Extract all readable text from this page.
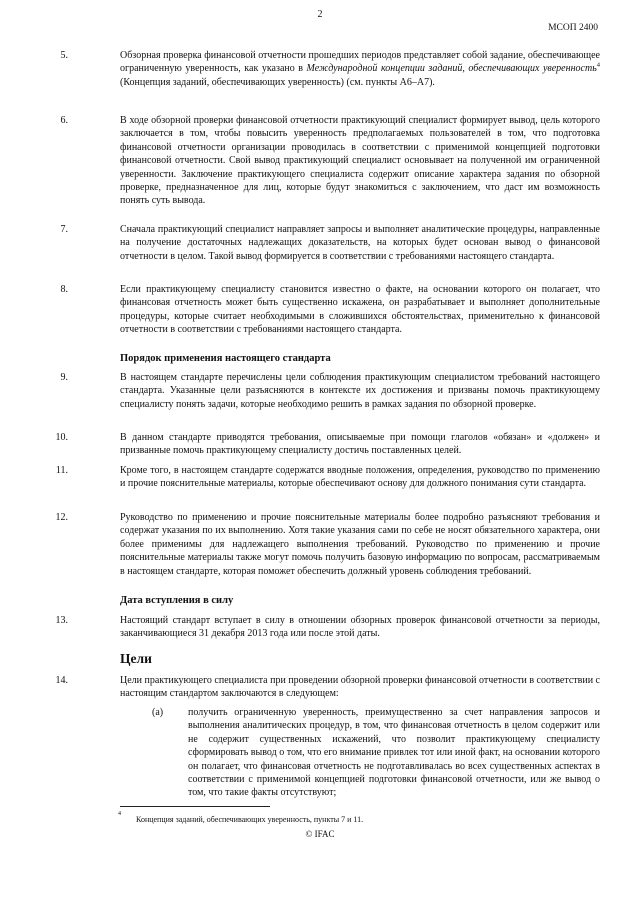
2
МСОП 2400
5.	Обзорная проверка финансовой отчетности прошедших периодов представляет собой задание, обеспечивающее ограниченную уверенность, как указано в Международной концепции заданий, обеспечивающих уверенность$^4$ (Концепция заданий, обеспечивающих уверенность) (см. пункты А6–А7).
6.	В ходе обзорной проверки финансовой отчетности практикующий специалист формирует вывод, цель которого заключается в том, чтобы повысить уверенность предполагаемых пользователей в том, что подготовка финансовой отчетности организации проводилась в соответствии с применимой концепцией подготовки финансовой отчетности. Свой вывод практикующий специалист основывает на полученной им ограниченной уверенности. Заключение практикующего специалиста содержит описание характера задания по обзорной проверке, предназначенное для лиц, которые будут знакомиться с заключением, что даст им возможность понять суть вывода.
7.	Сначала практикующий специалист направляет запросы и выполняет аналитические процедуры, направленные на получение достаточных надлежащих доказательств, на которых будет основан вывод о финансовой отчетности в целом. Такой вывод формируется в соответствии с требованиями настоящего стандарта.
8.	Если практикующему специалисту становится известно о факте, на основании которого он полагает, что финансовая отчетность может быть существенно искажена, он разрабатывает и выполняет дополнительные процедуры, которые считает необходимыми в сложившихся обстоятельствах, применительно к финансовой отчетности в соответствии с требованиями настоящего стандарта.
Порядок применения настоящего стандарта
9.	В настоящем стандарте перечислены цели соблюдения практикующим специалистом требований настоящего стандарта. Указанные цели разъясняются в контексте их достижения и призваны помочь практикующему специалисту понять задачи, которые необходимо решить в рамках задания по обзорной проверке.
10.	В данном стандарте приводятся требования, описываемые при помощи глаголов «обязан» и «должен» и призванные помочь практикующему специалисту достичь поставленных целей.
11.	Кроме того, в настоящем стандарте содержатся вводные положения, определения, руководство по применению и прочие пояснительные материалы, которые обеспечивают основу для должного понимания сути стандарта.
12.	Руководство по применению и прочие пояснительные материалы более подробно разъясняют требования и содержат указания по их выполнению. Хотя такие указания сами по себе не носят обязательного характера, они более применимы для надлежащего выполнения требований. Руководство по применению и прочие пояснительные материалы также могут помочь получить базовую информацию по вопросам, рассматриваемым в настоящем стандарте, которая поможет обеспечить должный уровень соблюдения требований.
Дата вступления в силу
13.	Настоящий стандарт вступает в силу в отношении обзорных проверок финансовой отчетности за периоды, заканчивающиеся 31 декабря 2013 года или после этой даты.
Цели
14.	Цели практикующего специалиста при проведении обзорной проверки финансовой отчетности в соответствии с настоящим стандартом заключаются в следующем:
(a) получить ограниченную уверенность, преимущественно за счет направления запросов и выполнения аналитических процедур, в том, что финансовая отчетность в целом содержит или не содержит существенных искажений, что позволит практикующему специалисту сформировать вывод о том, что его внимание привлек тот или иной факт, на основании которого он полагает, что финансовая отчетность не подготавливалась во всех существенных аспектах в соответствии с применимой концепцией подготовки финансовой отчетности, или же вывод о том, что такие факты отсутствуют;
4
Концепция заданий, обеспечивающих уверенность, пункты 7 и 11.
© IFAC
